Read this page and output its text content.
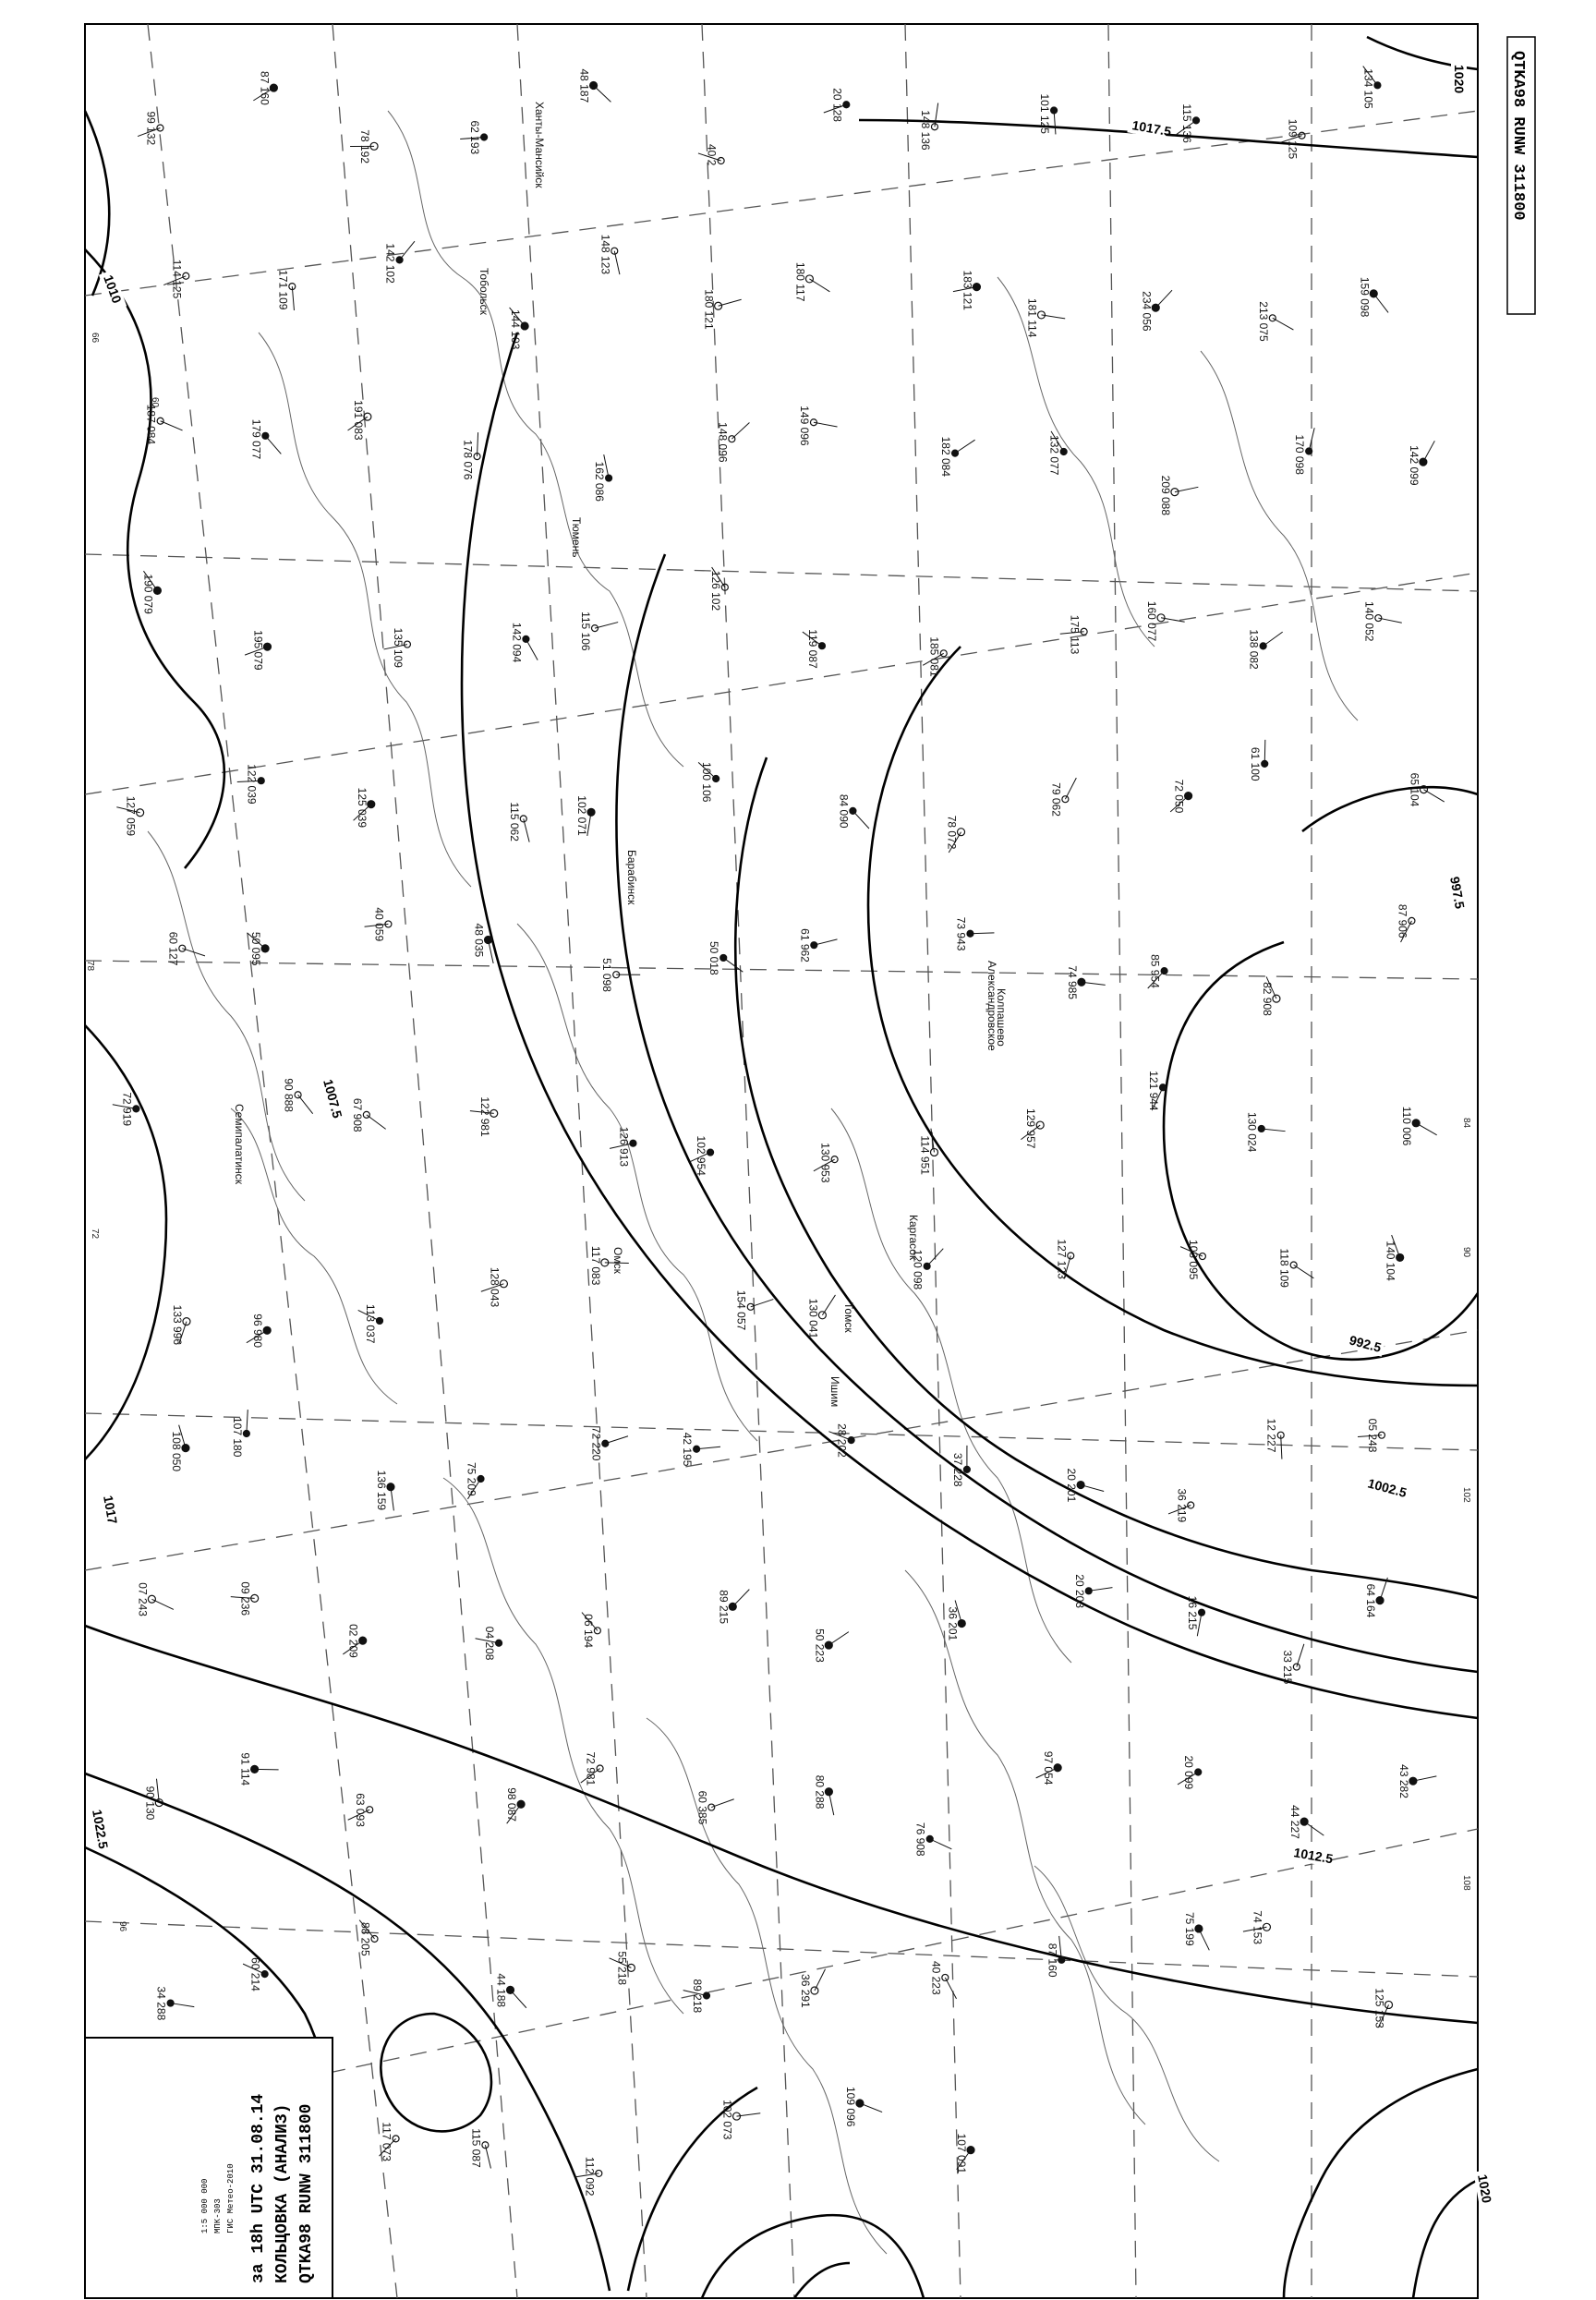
1020
1017.5
1010
1007.5
997.5
992.5
1002.5
1012.5
1022.5
1020
1017
99 132
87 160
78 192	62 193
48 187
40 2
20 128
148 136	101 125	115 136	109 125
134 105
114 125	171 109
142 102
144 103
148 123
180 121
180 117	183 121
181 114	234 056	213 075
159 098
187 084	179 077	191 083
178 076
162 086
148 096	149 096
182 084	132 077
209 088
170 098	142 099
190 079
195 079	135 109	142 094	115 106
126 102
119 087	185 081
175 113	160 077
138 082
140 052
127 059
122 039
125 039	115 062	102 071
100 106
84 090
78 072
79 062	72 050
61 100
65 104
60 127	50 095
40 059	48 035
51 098	50 018	61 962	73 943
74 985	85 954
82 908
87 906
72 919	90 888
67 908	122 981
126 913	102 954	130 953	114 951
129 957
121 944
130 024	110 006
133 996	96 980	113 037
128 043
117 083
154 057	130 041
120 098	127 123	103 095	118 109	140 104
108 050	107 180
136 159	75 209
72 220	42 195	28 202
37 228	20 201
36 219
12 227	05 243
07 243	09 236
02 209	04 208	06 194
89 215
50 223
36 201
20 203
16 215
33 215
64 164
90 130
91 114
63 093	98 087
72 981
60 385	80 288
76 908
97 054	20 099
44 227
43 282
34 288
60 214
88 205
44 188
55 218
89 218	36 291	40 223
87 160
75 199	74 153
125 153
117 073	115 087
112 092
102 073	109 096
107 091
Семипалатинск
Томск
Колпашево
Александровское
Каргасок
Ишим
Омск
Барабинск
Тюмень
Тобольск
Ханты-Мансийск
66
78
84
90
96
102
108
60
72
QTKA98 RUNW 311800
QTKA98 RUNW 311800
КОЛЬЦОВКА (АНАЛИЗ)
за 18h UTC 31.08.14
ГИС Метео-2010
МПК-303
1:5 000 000
